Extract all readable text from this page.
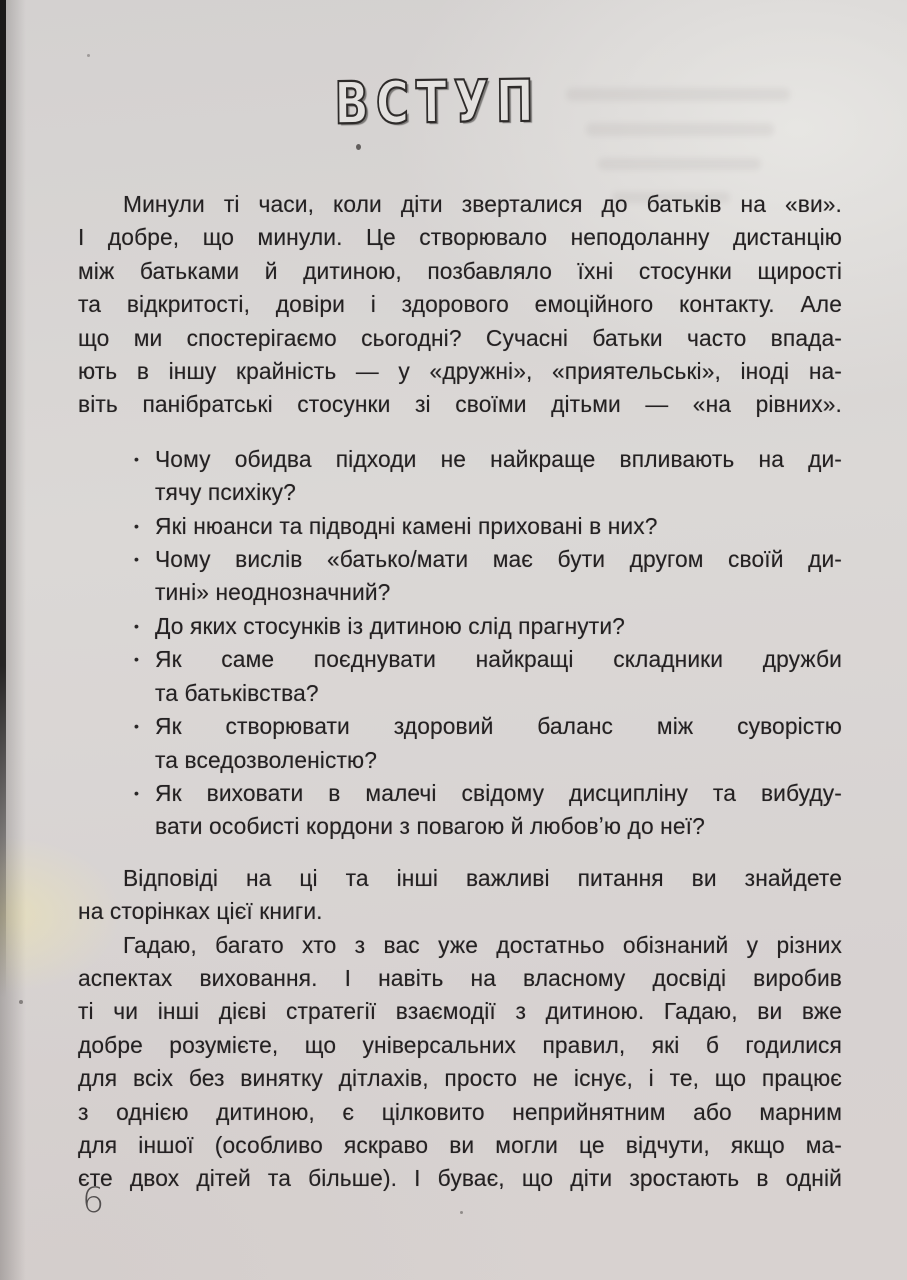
ВСТУП
Минули ті часи, коли діти зверталися до батьків на «ви».
І добре, що минули. Це створювало неподоланну дистанцію
між батьками й дитиною, позбавляло їхні стосунки щирості
та відкритості, довіри і здорового емоційного контакту. Але
що ми спостерігаємо сьогодні? Сучасні батьки часто впада-
ють в іншу крайність — у «дружні», «приятельські», іноді на-
віть панібратські стосунки зі своїми дітьми — «на рівних».
• Чому обидва підходи не найкраще впливають на ди-
тячу психіку?
• Які нюанси та підводні камені приховані в них?
• Чому вислів «батько/мати має бути другом своїй ди-
тині» неоднозначний?
• До яких стосунків із дитиною слід прагнути?
• Як саме поєднувати найкращі складники дружби
та батьківства?
• Як створювати здоровий баланс між суворістю
та вседозволеністю?
• Як виховати в малечі свідому дисципліну та вибуду-
вати особисті кордони з повагою й любовʼю до неї?
Відповіді на ці та інші важливі питання ви знайдете
на сторінках цієї книги.
Гадаю, багато хто з вас уже достатньо обізнаний у різних
аспектах виховання. І навіть на власному досвіді виробив
ті чи інші дієві стратегії взаємодії з дитиною. Гадаю, ви вже
добре розумієте, що універсальних правил, які б годилися
для всіх без винятку дітлахів, просто не існує, і те, що працює
з однією дитиною, є цілковито неприйнятним або марним
для іншої (особливо яскраво ви могли це відчути, якщо ма-
єте двох дітей та більше). І буває, що діти зростають в одній
6
